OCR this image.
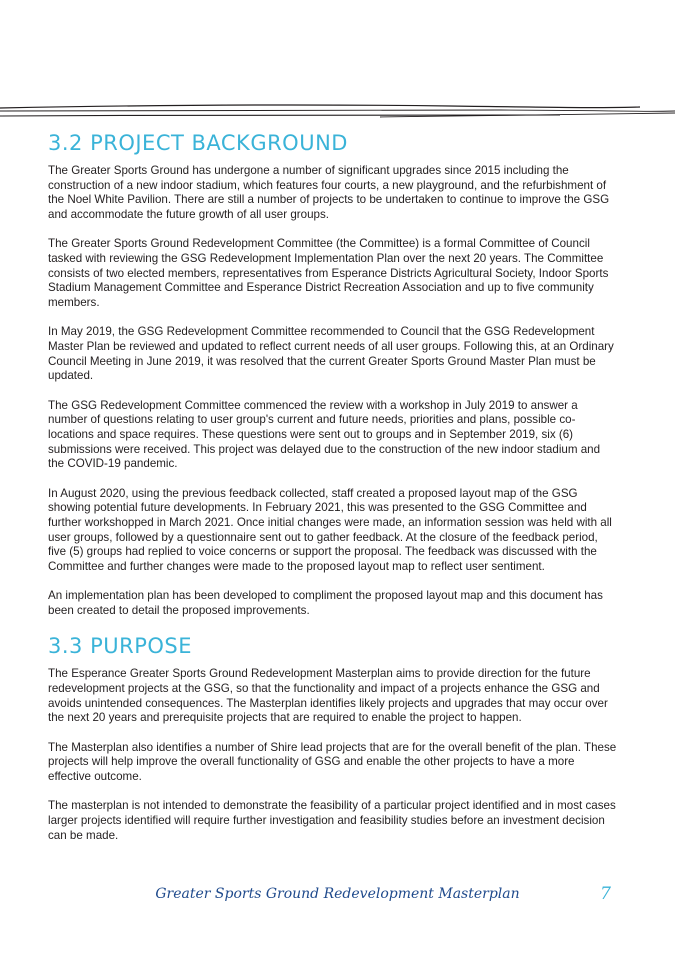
3.2 PROJECT BACKGROUND

The Greater Sports Ground has undergone a number of significant upgrades since 2015 including the construction of a new indoor stadium, which features four courts, a new playground, and the refurbishment of the Noel White Pavilion. There are still a number of projects to be undertaken to continue to improve the GSG and accommodate the future growth of all user groups.

The Greater Sports Ground Redevelopment Committee (the Committee) is a formal Committee of Council tasked with reviewing the GSG Redevelopment Implementation Plan over the next 20 years. The Committee consists of two elected members, representatives from Esperance Districts Agricultural Society, Indoor Sports Stadium Management Committee and Esperance District Recreation Association and up to five community members.

In May 2019, the GSG Redevelopment Committee recommended to Council that the GSG Redevelopment Master Plan be reviewed and updated to reflect current needs of all user groups. Following this, at an Ordinary Council Meeting in June 2019, it was resolved that the current Greater Sports Ground Master Plan must be updated.

The GSG Redevelopment Committee commenced the review with a workshop in July 2019 to answer a number of questions relating to user group's current and future needs, priorities and plans, possible co-locations and space requires. These questions were sent out to groups and in September 2019, six (6) submissions were received. This project was delayed due to the construction of the new indoor stadium and the COVID-19 pandemic.

In August 2020, using the previous feedback collected, staff created a proposed layout map of the GSG showing potential future developments. In February 2021, this was presented to the GSG Committee and further workshopped in March 2021. Once initial changes were made, an information session was held with all user groups, followed by a questionnaire sent out to gather feedback. At the closure of the feedback period, five (5) groups had replied to voice concerns or support the proposal. The feedback was discussed with the Committee and further changes were made to the proposed layout map to reflect user sentiment.

An implementation plan has been developed to compliment the proposed layout map and this document has been created to detail the proposed improvements.

3.3 PURPOSE

The Esperance Greater Sports Ground Redevelopment Masterplan aims to provide direction for the future redevelopment projects at the GSG, so that the functionality and impact of a projects enhance the GSG and avoids unintended consequences. The Masterplan identifies likely projects and upgrades that may occur over the next 20 years and prerequisite projects that are required to enable the project to happen.

The Masterplan also identifies a number of Shire lead projects that are for the overall benefit of the plan. These projects will help improve the overall functionality of GSG and enable the other projects to have a more effective outcome.

The masterplan is not intended to demonstrate the feasibility of a particular project identified and in most cases larger projects identified will require further investigation and feasibility studies before an investment decision can be made.

Greater Sports Ground Redevelopment Masterplan	7
